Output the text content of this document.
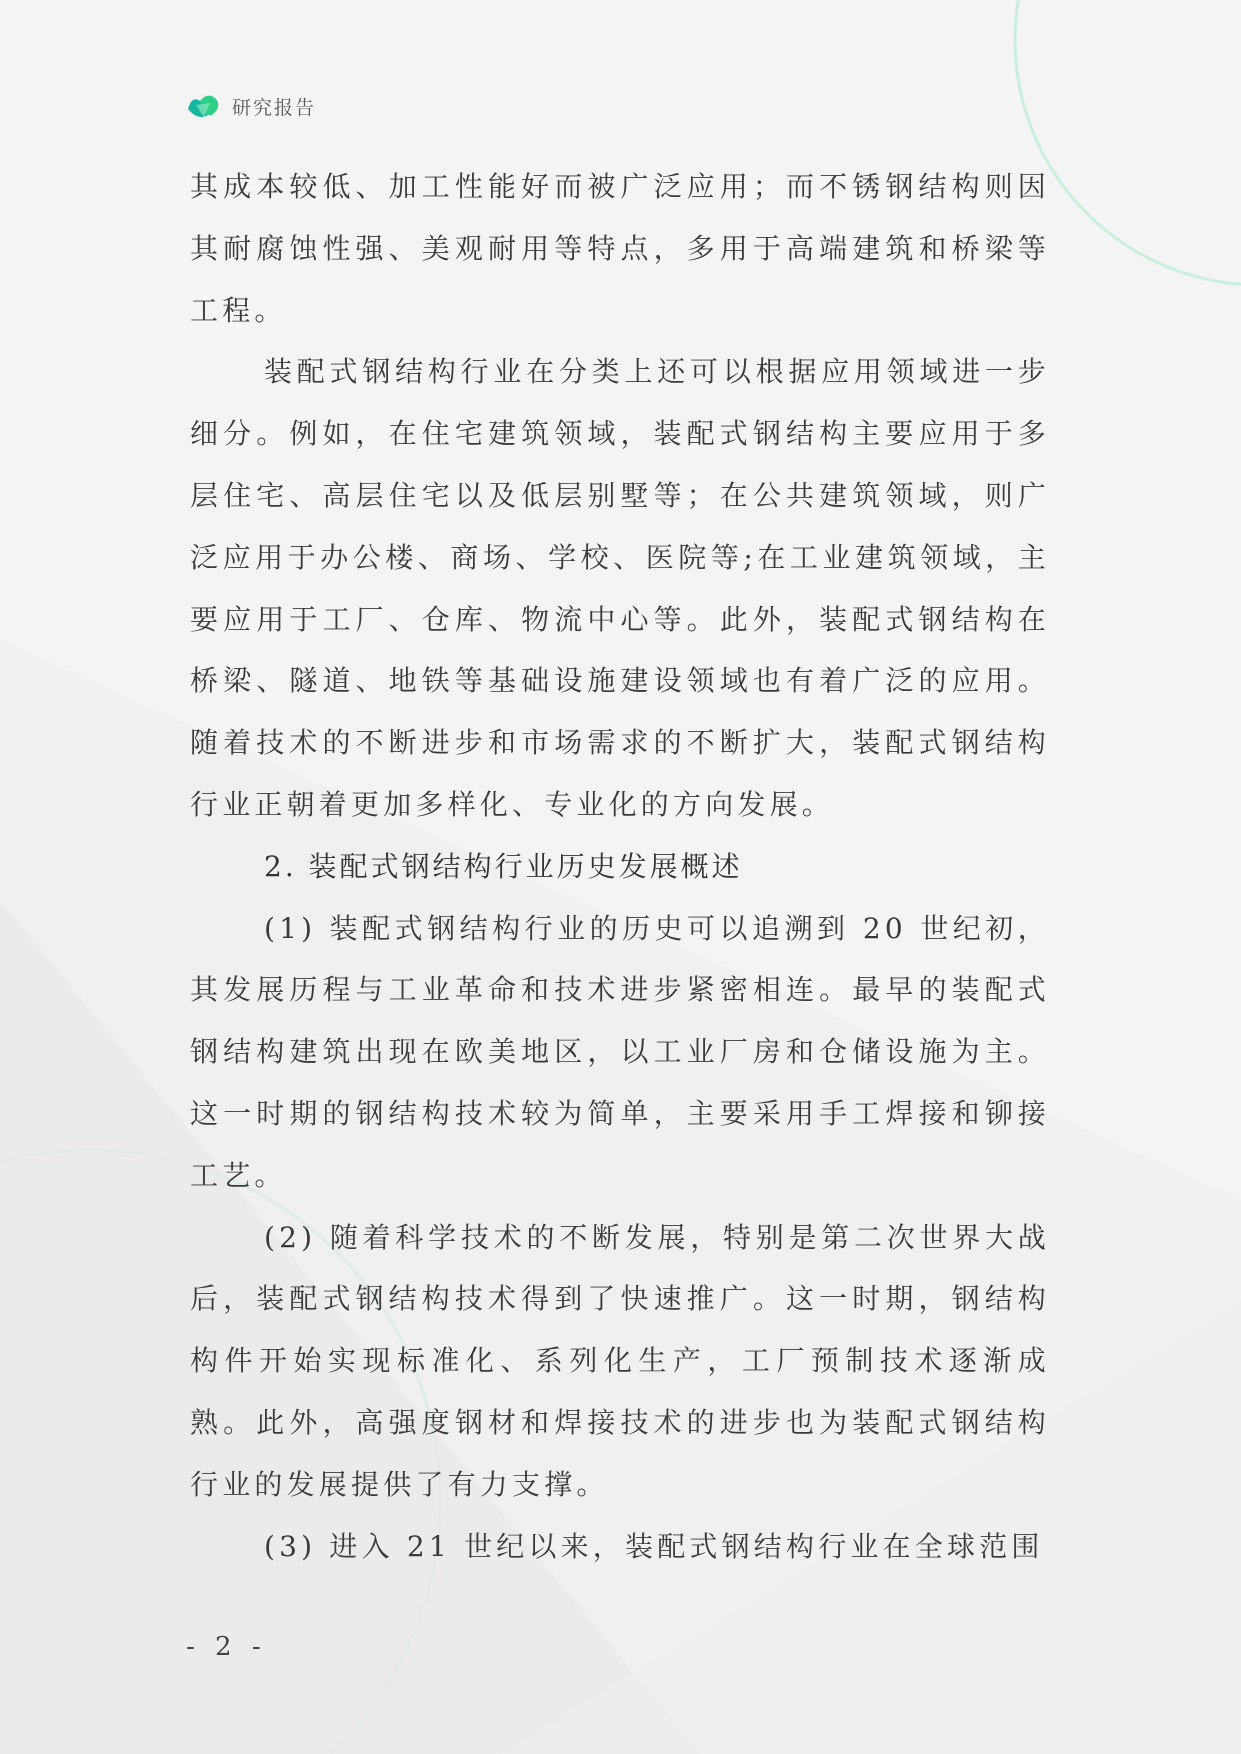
研究报告

其成本较低、加工性能好而被广泛应用；而不锈钢结构则因其耐腐蚀性强、美观耐用等特点，多用于高端建筑和桥梁等工程。

装配式钢结构行业在分类上还可以根据应用领域进一步细分。例如，在住宅建筑领域，装配式钢结构主要应用于多层住宅、高层住宅以及低层别墅等；在公共建筑领域，则广泛应用于办公楼、商场、学校、医院等;在工业建筑领域，主要应用于工厂、仓库、物流中心等。此外，装配式钢结构在桥梁、隧道、地铁等基础设施建设领域也有着广泛的应用。随着技术的不断进步和市场需求的不断扩大，装配式钢结构行业正朝着更加多样化、专业化的方向发展。

2. 装配式钢结构行业历史发展概述

(1) 装配式钢结构行业的历史可以追溯到 20 世纪初，其发展历程与工业革命和技术进步紧密相连。最早的装配式钢结构建筑出现在欧美地区，以工业厂房和仓储设施为主。这一时期的钢结构技术较为简单，主要采用手工焊接和铆接工艺。

(2) 随着科学技术的不断发展，特别是第二次世界大战后，装配式钢结构技术得到了快速推广。这一时期，钢结构构件开始实现标准化、系列化生产，工厂预制技术逐渐成熟。此外，高强度钢材和焊接技术的进步也为装配式钢结构行业的发展提供了有力支撑。

(3) 进入 21 世纪以来，装配式钢结构行业在全球范围

- 2 -
